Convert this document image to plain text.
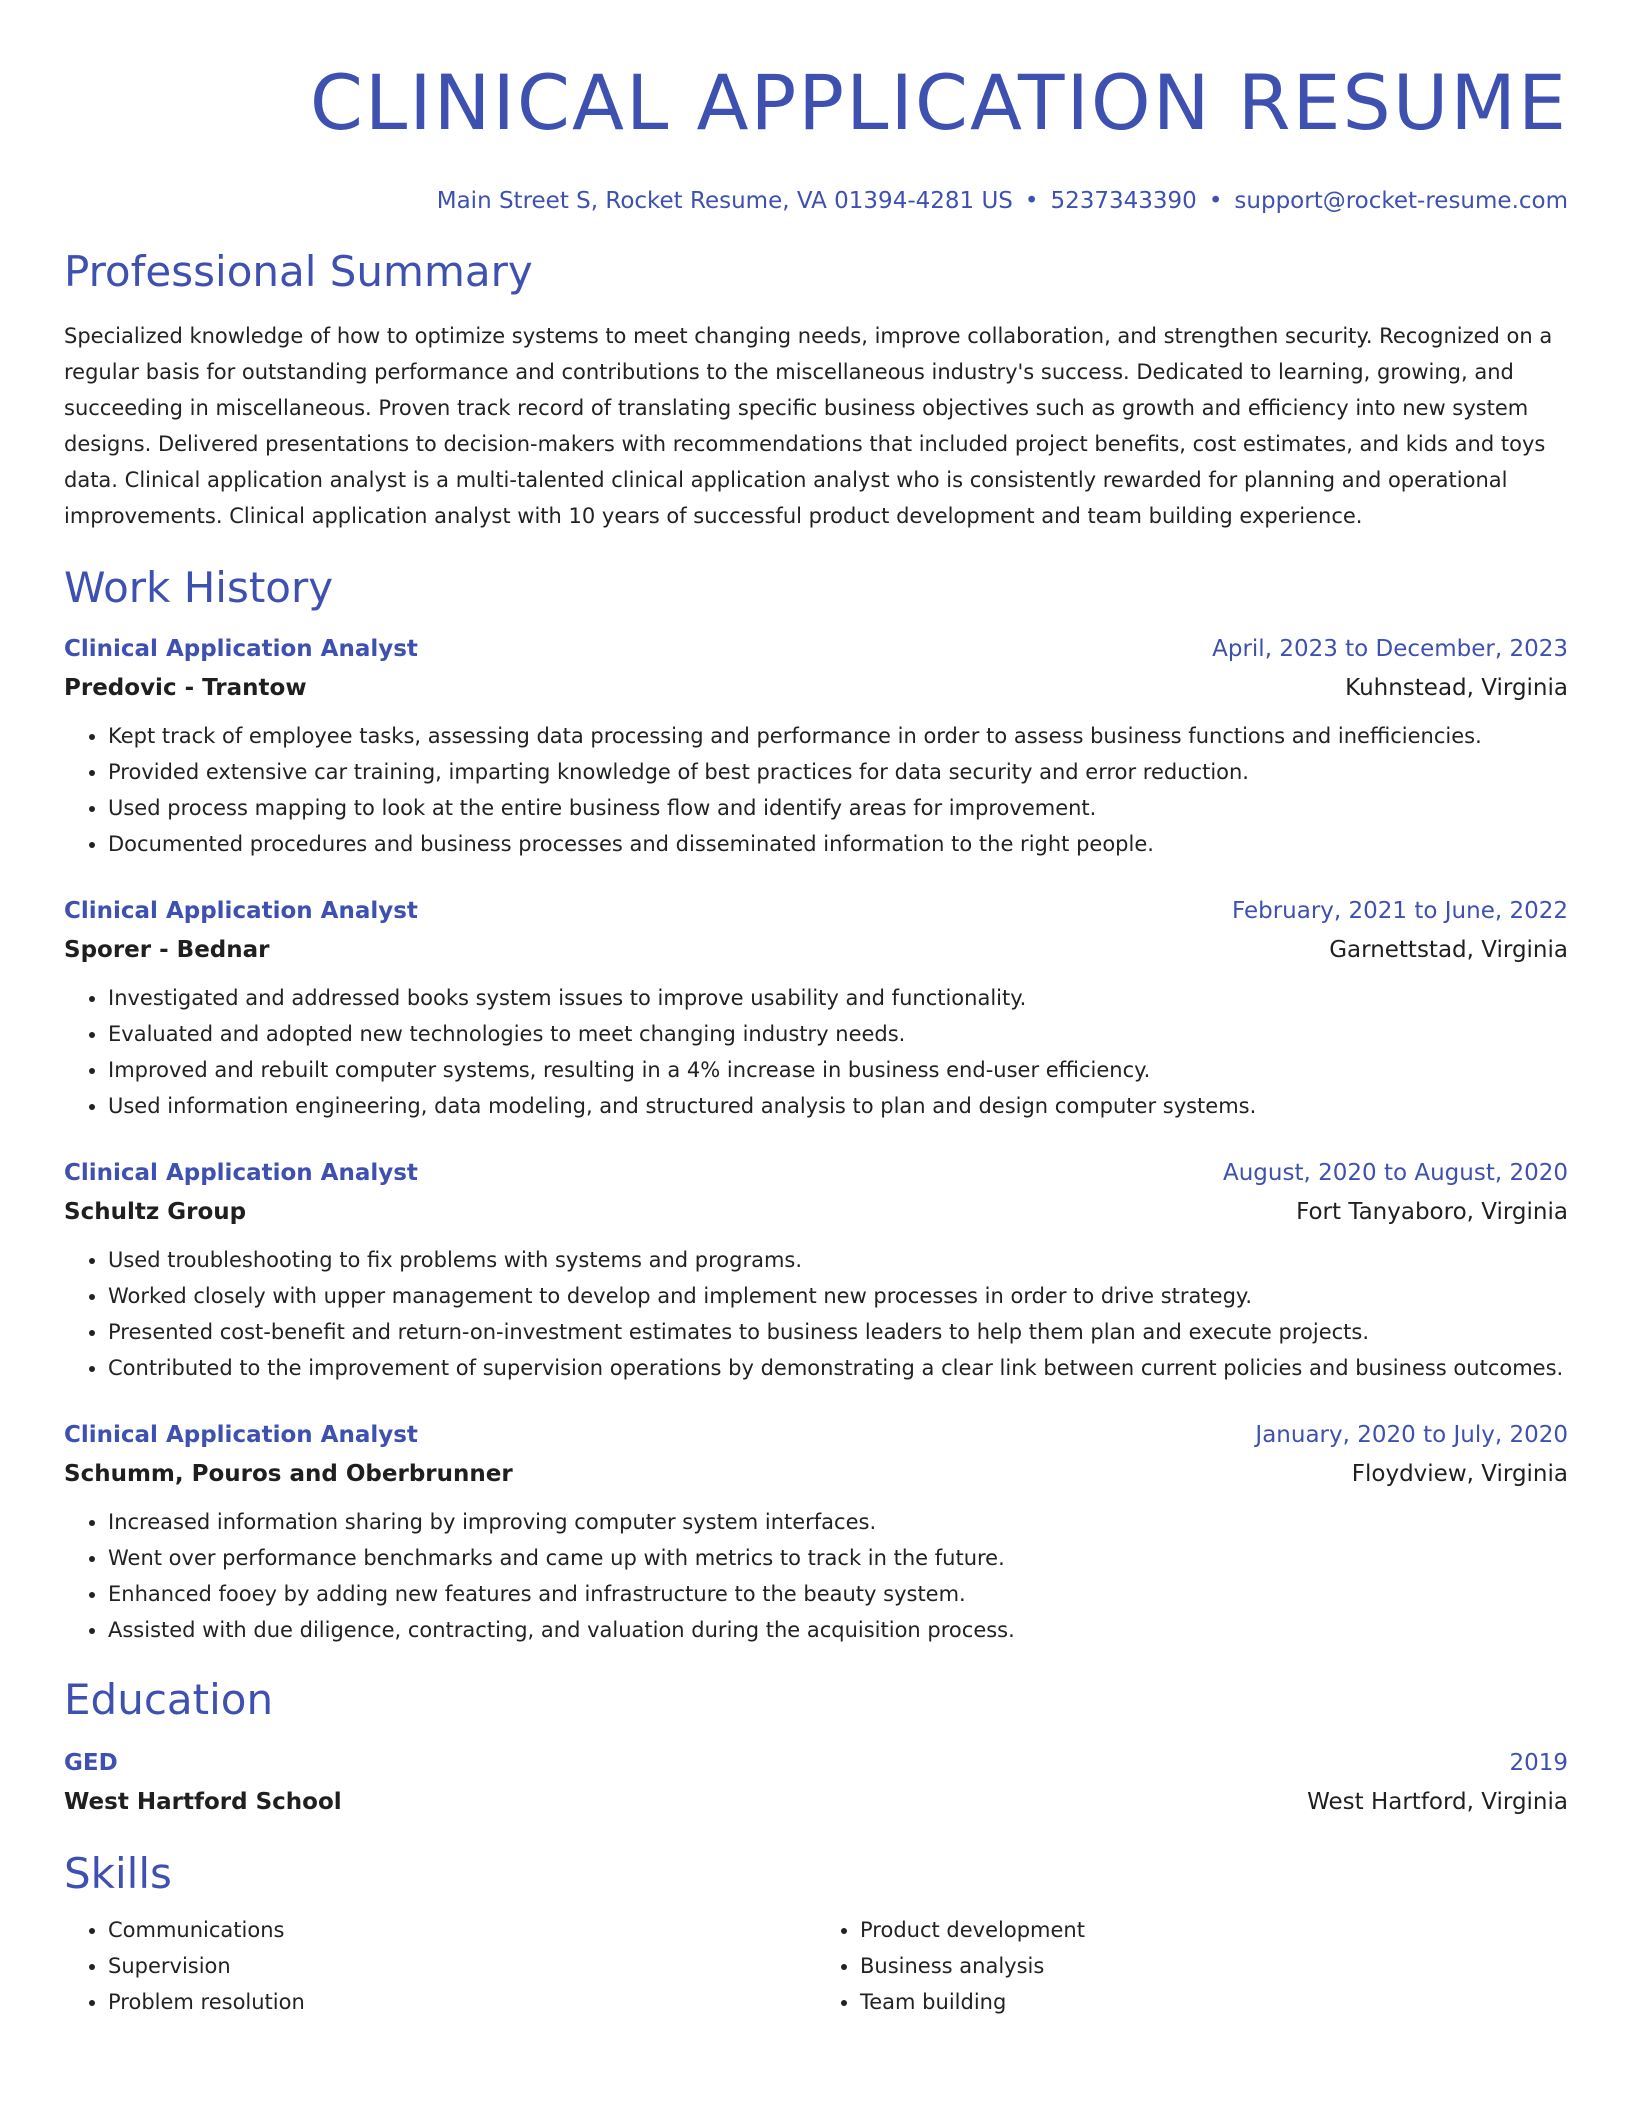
CLINICAL APPLICATION RESUME
Main Street S, Rocket Resume, VA 01394-4281 US • 5237343390 • support@rocket-resume.com
Professional Summary
Specialized knowledge of how to optimize systems to meet changing needs, improve collaboration, and strengthen security. Recognized on a regular basis for outstanding performance and contributions to the miscellaneous industry's success. Dedicated to learning, growing, and succeeding in miscellaneous. Proven track record of translating specific business objectives such as growth and efficiency into new system designs. Delivered presentations to decision-makers with recommendations that included project benefits, cost estimates, and kids and toys data. Clinical application analyst is a multi-talented clinical application analyst who is consistently rewarded for planning and operational improvements. Clinical application analyst with 10 years of successful product development and team building experience.
Work History
Clinical Application Analyst	April, 2023 to December, 2023
Predovic - Trantow	Kuhnstead, Virginia
• Kept track of employee tasks, assessing data processing and performance in order to assess business functions and inefficiencies.
• Provided extensive car training, imparting knowledge of best practices for data security and error reduction.
• Used process mapping to look at the entire business flow and identify areas for improvement.
• Documented procedures and business processes and disseminated information to the right people.
Clinical Application Analyst	February, 2021 to June, 2022
Sporer - Bednar	Garnettstad, Virginia
• Investigated and addressed books system issues to improve usability and functionality.
• Evaluated and adopted new technologies to meet changing industry needs.
• Improved and rebuilt computer systems, resulting in a 4% increase in business end-user efficiency.
• Used information engineering, data modeling, and structured analysis to plan and design computer systems.
Clinical Application Analyst	August, 2020 to August, 2020
Schultz Group	Fort Tanyaboro, Virginia
• Used troubleshooting to fix problems with systems and programs.
• Worked closely with upper management to develop and implement new processes in order to drive strategy.
• Presented cost-benefit and return-on-investment estimates to business leaders to help them plan and execute projects.
• Contributed to the improvement of supervision operations by demonstrating a clear link between current policies and business outcomes.
Clinical Application Analyst	January, 2020 to July, 2020
Schumm, Pouros and Oberbrunner	Floydview, Virginia
• Increased information sharing by improving computer system interfaces.
• Went over performance benchmarks and came up with metrics to track in the future.
• Enhanced fooey by adding new features and infrastructure to the beauty system.
• Assisted with due diligence, contracting, and valuation during the acquisition process.
Education
GED	2019
West Hartford School	West Hartford, Virginia
Skills
• Communications
• Supervision
• Problem resolution
• Product development
• Business analysis
• Team building
